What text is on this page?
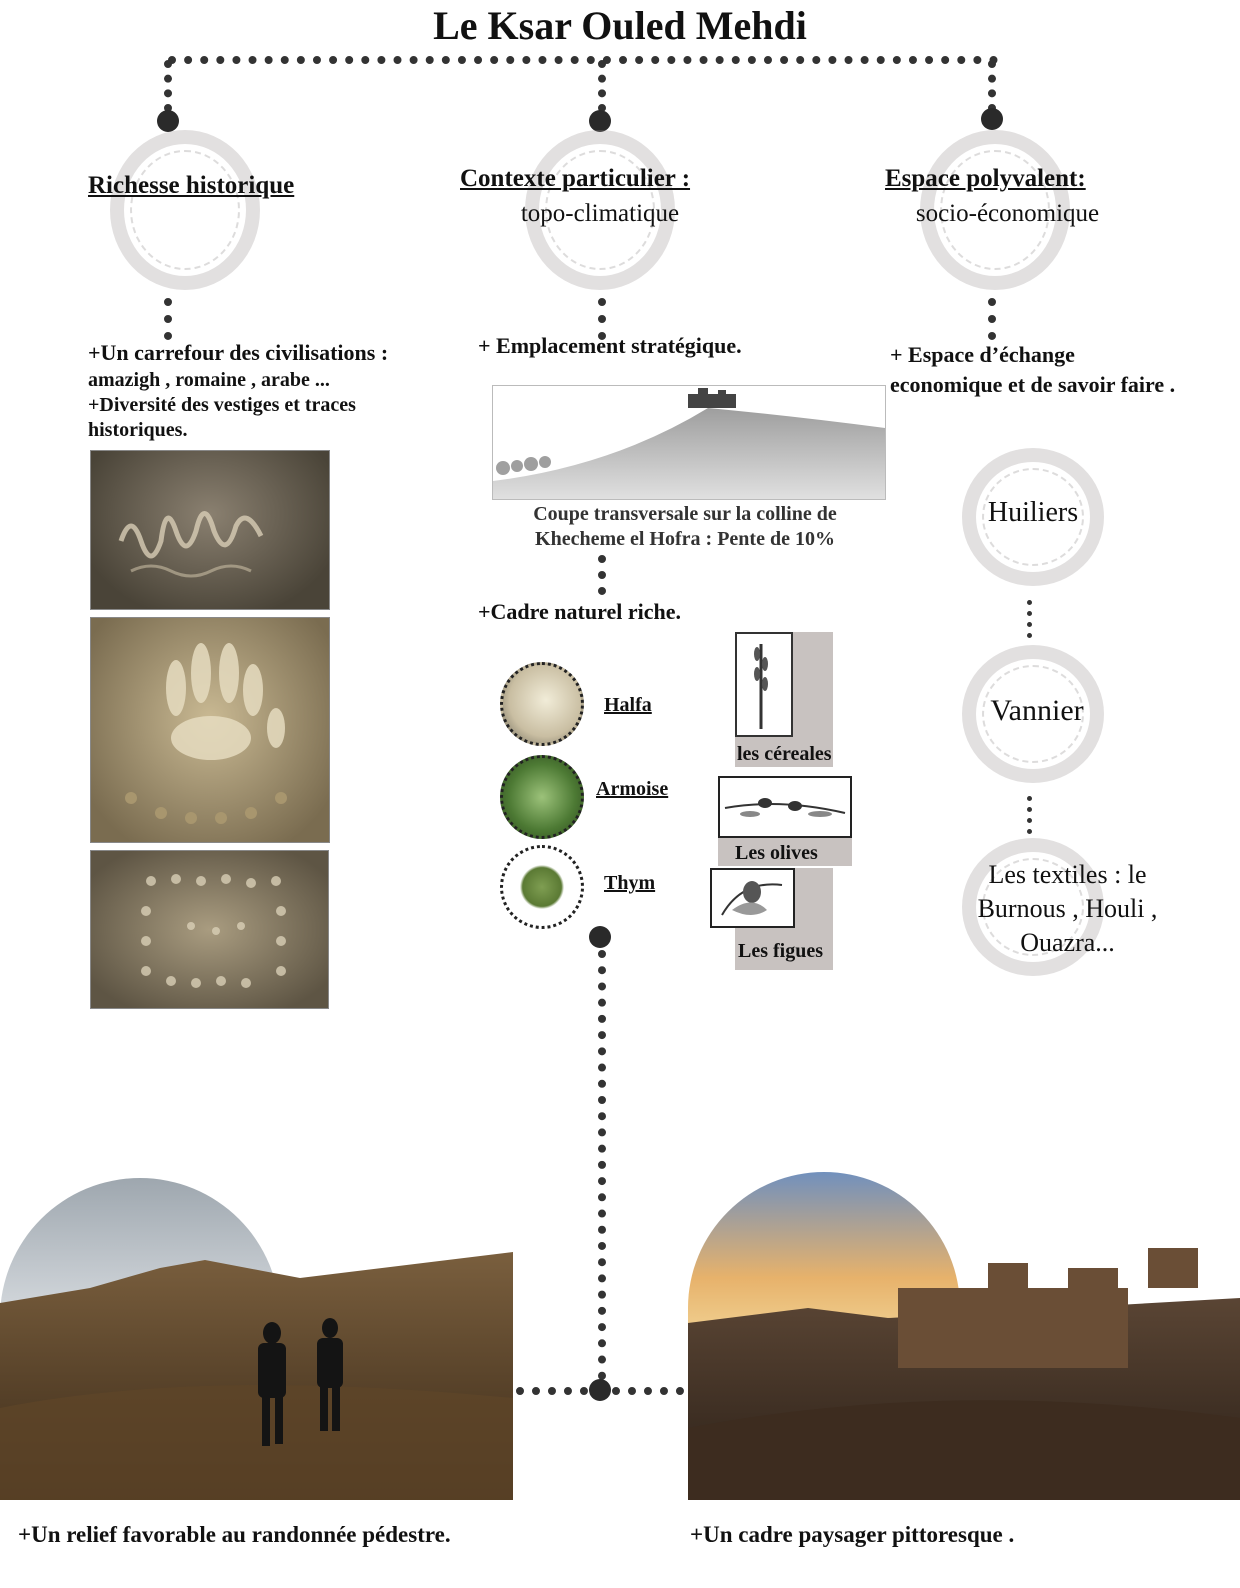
Le Ksar Ouled Mehdi
Richesse historique
+Un carrefour des civilisations :
amazigh , romaine , arabe ...
+Diversité des vestiges et traces historiques.
Contexte particulier :
topo-climatique
+ Emplacement stratégique.
Coupe transversale sur la colline de Khecheme el Hofra : Pente de 10%
+Cadre naturel riche.
Halfa
Armoise
Thym
les céreales
Les olives
Les figues
Espace polyvalent:
socio-économique
+ Espace d’échange economique et de savoir faire .
Huiliers
Vannier
Les textiles : le Burnous , Houli , Ouazra...
+Un relief favorable au randonnée pédestre.	+Un cadre paysager pittoresque .
